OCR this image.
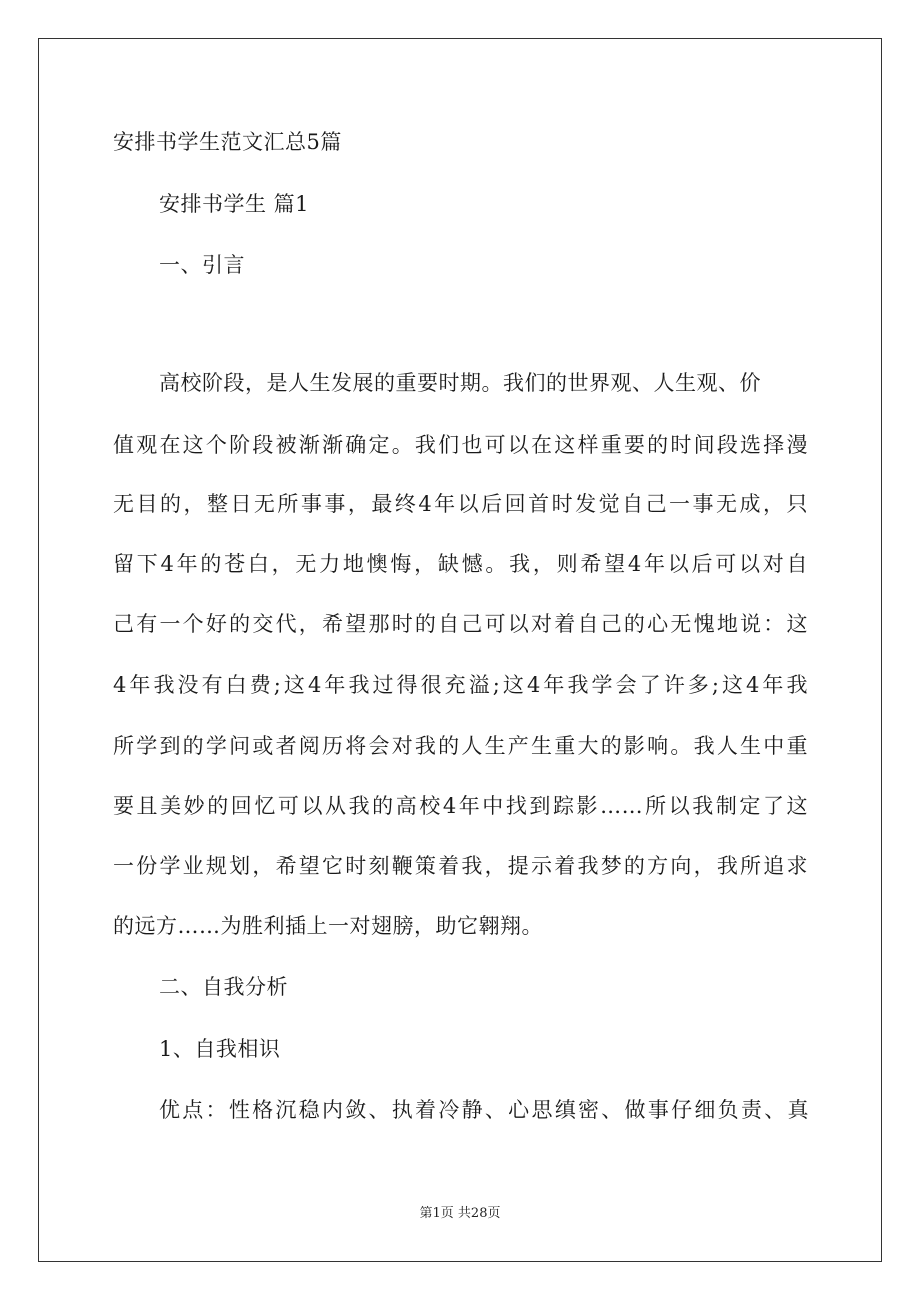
安排书学生范文汇总5篇
安排书学生 篇1
一、引言
高校阶段，是人生发展的重要时期。我们的世界观、人生观、价
值观在这个阶段被渐渐确定。我们也可以在这样重要的时间段选择漫
无目的，整日无所事事，最终4年以后回首时发觉自己一事无成，只
留下4年的苍白，无力地懊悔，缺憾。我，则希望4年以后可以对自
己有一个好的交代，希望那时的自己可以对着自己的心无愧地说：这
4年我没有白费;这4年我过得很充溢;这4年我学会了许多;这4年我
所学到的学问或者阅历将会对我的人生产生重大的影响。我人生中重
要且美妙的回忆可以从我的高校4年中找到踪影……所以我制定了这
一份学业规划，希望它时刻鞭策着我，提示着我梦的方向，我所追求
的远方……为胜利插上一对翅膀，助它翱翔。
二、自我分析
1、自我相识
优点：性格沉稳内敛、执着冷静、心思缜密、做事仔细负责、真
第1页 共28页
